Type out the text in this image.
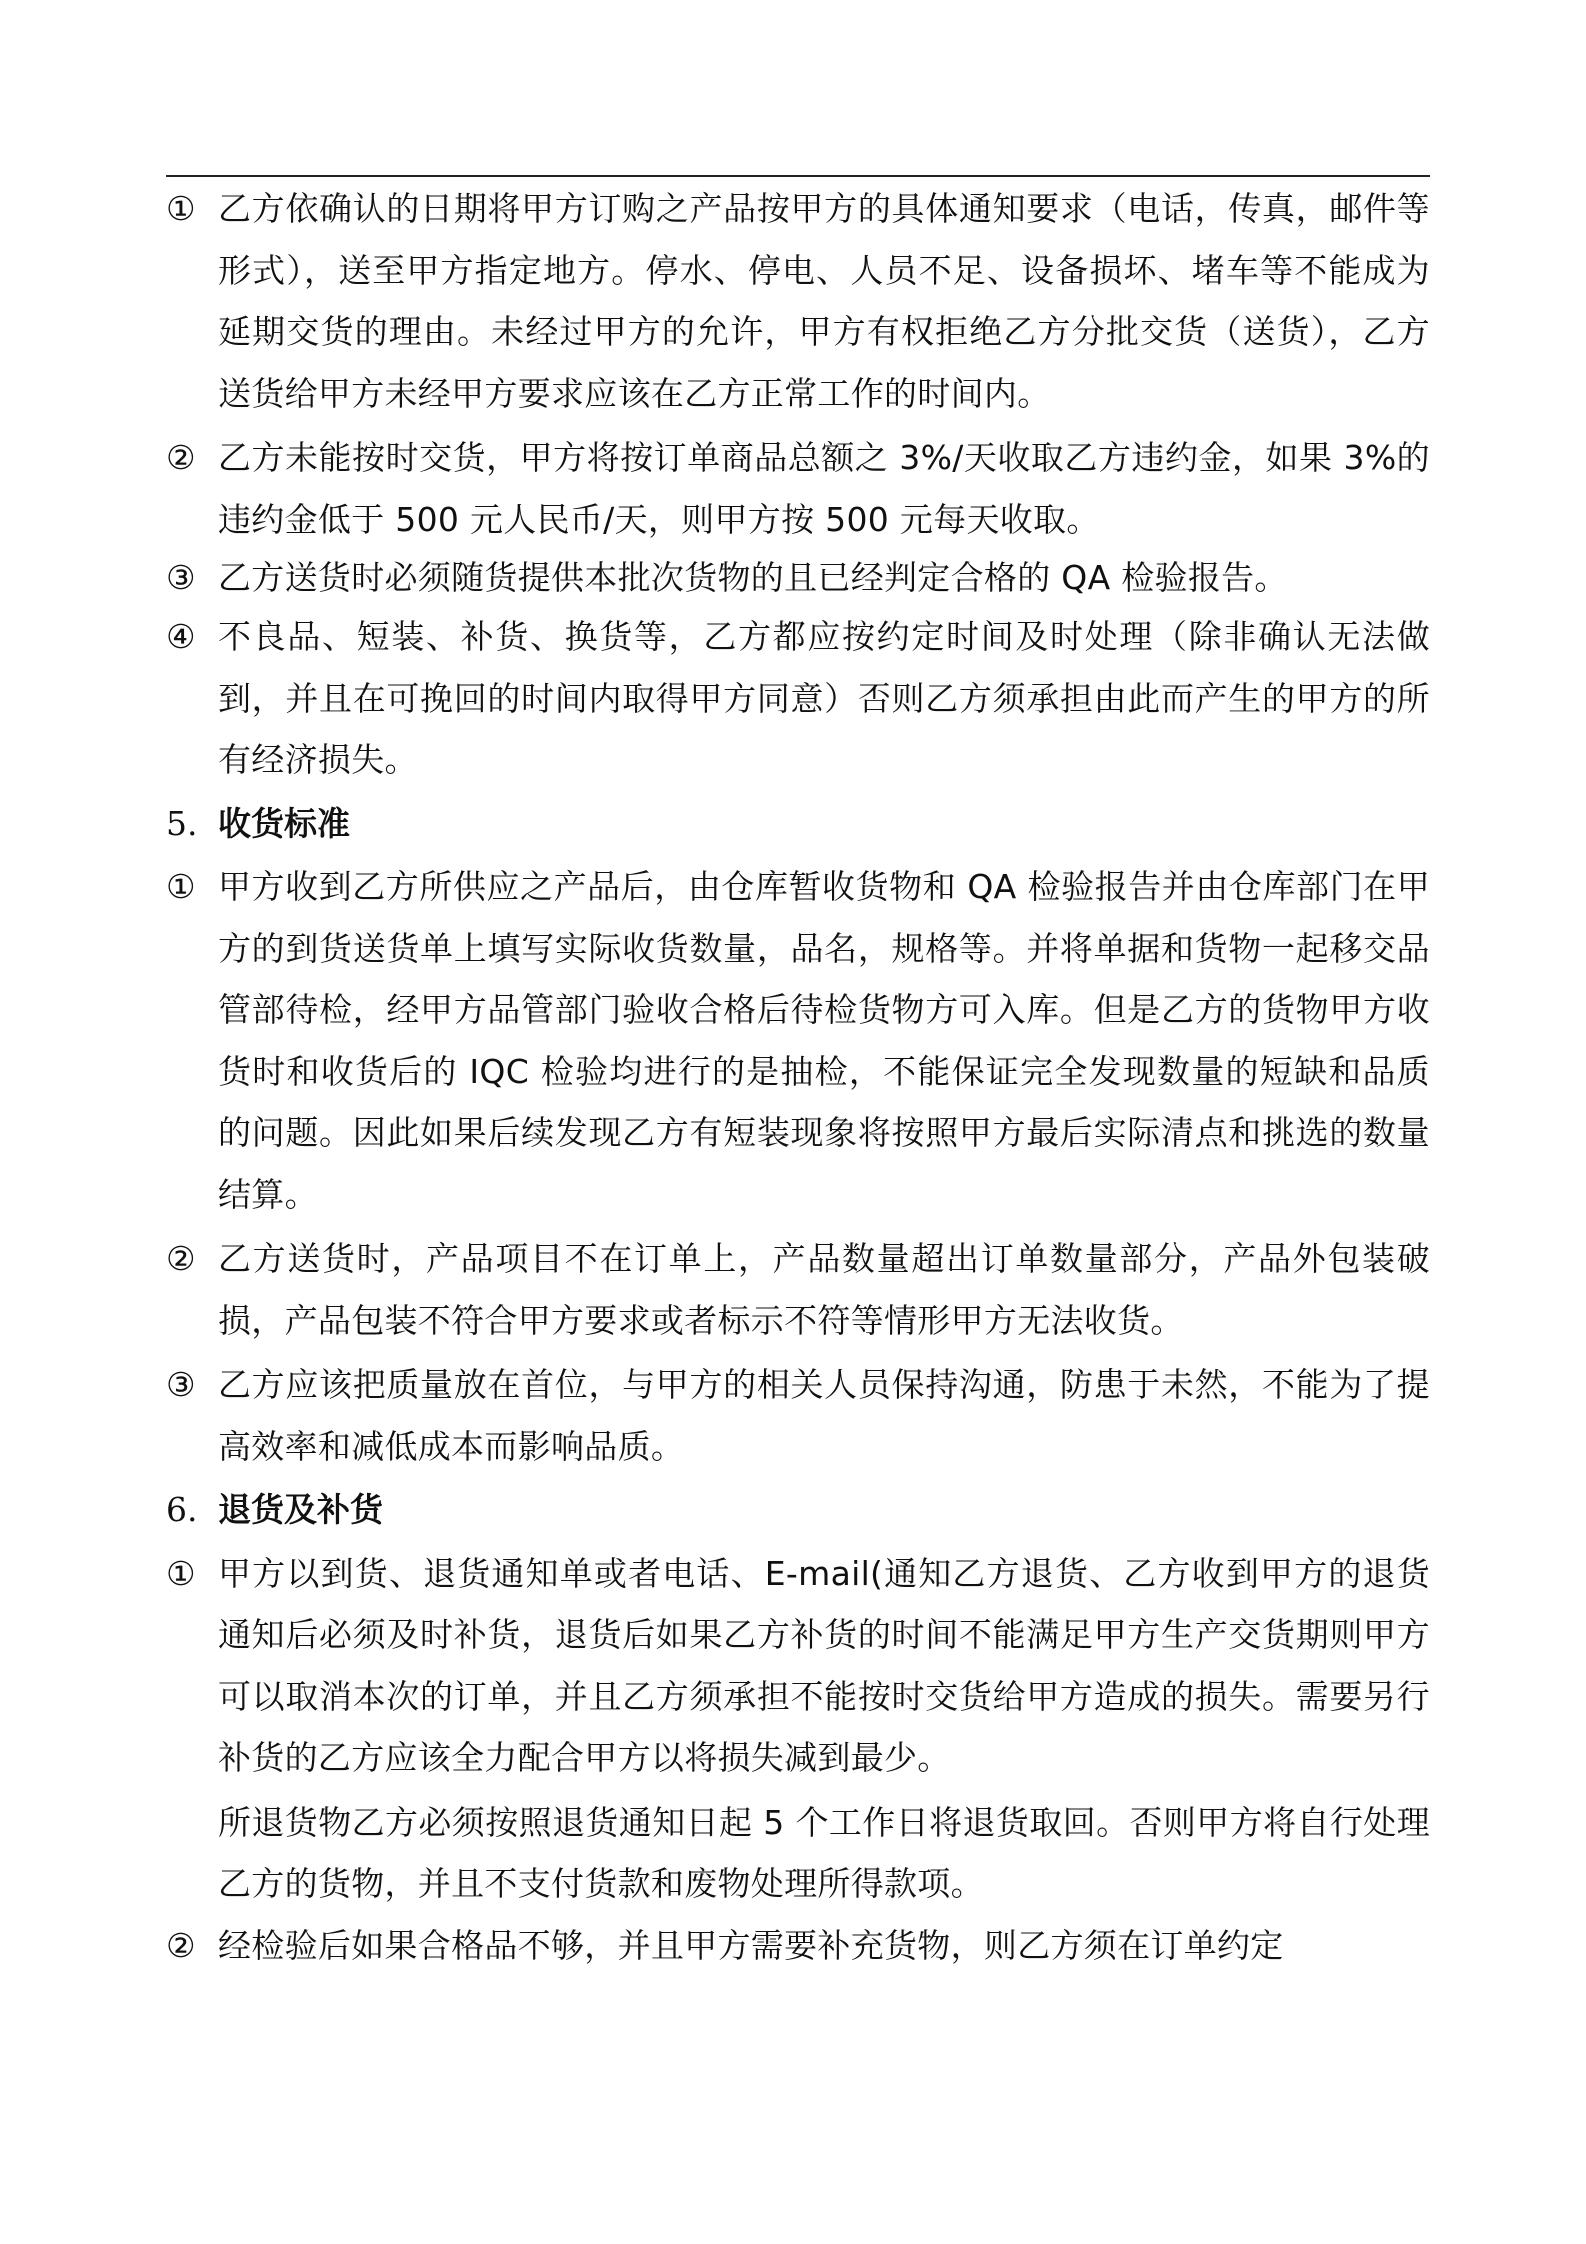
① 乙方依确认的日期将甲方订购之产品按甲方的具体通知要求（电话，传真，邮件等形式），送至甲方指定地方。停水、停电、人员不足、设备损坏、堵车等不能成为延期交货的理由。未经过甲方的允许，甲方有权拒绝乙方分批交货（送货），乙方送货给甲方未经甲方要求应该在乙方正常工作的时间内。

② 乙方未能按时交货，甲方将按订单商品总额之 3%/天收取乙方违约金，如果 3%的违约金低于 500 元人民币/天，则甲方按 500 元每天收取。

③ 乙方送货时必须随货提供本批次货物的且已经判定合格的 QA 检验报告。

④ 不良品、短装、补货、换货等，乙方都应按约定时间及时处理（除非确认无法做到，并且在可挽回的时间内取得甲方同意）否则乙方须承担由此而产生的甲方的所有经济损失。

5. 收货标准

① 甲方收到乙方所供应之产品后，由仓库暂收货物和 QA 检验报告并由仓库部门在甲方的到货送货单上填写实际收货数量，品名，规格等。并将单据和货物一起移交品管部待检，经甲方品管部门验收合格后待检货物方可入库。但是乙方的货物甲方收货时和收货后的 IQC 检验均进行的是抽检，不能保证完全发现数量的短缺和品质的问题。因此如果后续发现乙方有短装现象将按照甲方最后实际清点和挑选的数量结算。

② 乙方送货时，产品项目不在订单上，产品数量超出订单数量部分，产品外包装破损，产品包装不符合甲方要求或者标示不符等情形甲方无法收货。

③ 乙方应该把质量放在首位，与甲方的相关人员保持沟通，防患于未然，不能为了提高效率和减低成本而影响品质。

6. 退货及补货

① 甲方以到货、退货通知单或者电话、E-mail(通知乙方退货、乙方收到甲方的退货通知后必须及时补货，退货后如果乙方补货的时间不能满足甲方生产交货期则甲方可以取消本次的订单，并且乙方须承担不能按时交货给甲方造成的损失。需要另行补货的乙方应该全力配合甲方以将损失减到最少。

所退货物乙方必须按照退货通知日起 5 个工作日将退货取回。否则甲方将自行处理乙方的货物，并且不支付货款和废物处理所得款项。

② 经检验后如果合格品不够，并且甲方需要补充货物，则乙方须在订单约定
